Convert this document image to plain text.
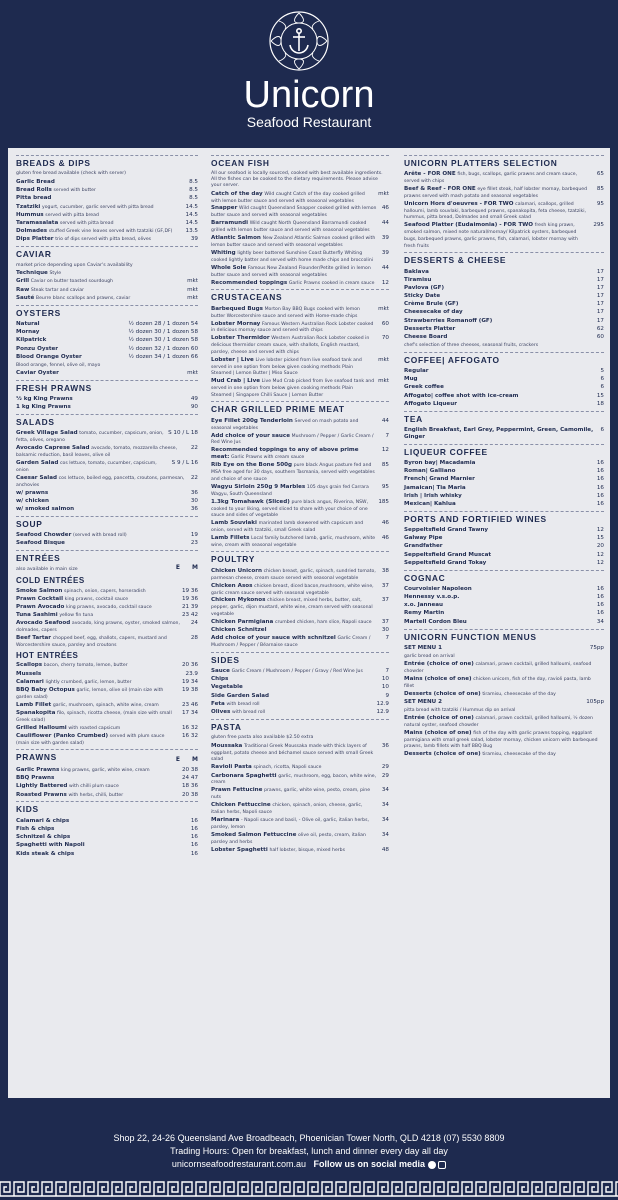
Unicorn
Seafood Restaurant
BREADS & DIPS
gluten free bread available (check with server)
Garlic Bread	8.5
Bread Rolls served with butter	8.5
Pitta bread	8.5
Tzatziki yogurt, cucumber, garlic served with pitta bread	14.5
Hummus served with pitta bread	14.5
Taramasalata served with pitta bread	14.5
Dolmades stuffed Greek vine leaves served with tzatziki (GF,DF)	13.5
Dips Platter trio of dips served with pitta bread, olives	39
CAVIAR
market price depending upon Caviar's availability
Technique Style
Grill Caviar on butter toasted sourdough	mkt
Raw Steak tartar and caviar	mkt
Sauté Beurre blanc scallops and prawns, caviar	mkt
OYSTERS
Natural	½ dozen 28 / 1 dozen 54
Mornay	½ dozen 30 / 1 dozen 58
Kilpatrick	½ dozen 30 / 1 dozen 58
Ponzu Oyster	½ dozen 32 / 1 dozen 60
Blood Orange Oyster	½ dozen 34 / 1 dozen 66
Blood orange, fennel, olive oil, mayo
Caviar Oyster	mkt
FRESH PRAWNS
½ kg King Prawns	49
1 kg King Prawns	90
SALADS
Greek Village Salad tomato, cucumber, capsicum, onion, fetta, olives, oregano
S 10 / L 18
Avocado Caprese Salad avocado, tomato, mozzarella cheese, balsamic reduction, basil leaves, olive oil
22
Garden Salad cos lettuce, tomato, cucumber, capsicum, onion
S 9 / L 16
Caesar Salad cos lettuce, boiled egg, pancetta, croutons, parmesan, anchovies
22
w/ prawns	36
w/ chicken	30
w/ smoked salmon	36
SOUP
Seafood Chowder (served with bread roll)	19
Seafood Bisque	23
ENTRÉES
also available in main size	E M
COLD ENTRÉES
Smoke Salmon spinach, onion, capers, horseradish	19 36
Prawn Cocktail king prawns, cocktail sauce	19 36
Prawn Avocado king prawns, avocado, cocktail sauce	21 39
Tuna Sashimi yellow fin tuna	23 42
Avocado Seafood avocado, king prawns, oyster, smoked salmon, dolmades, capers
24
Beef Tartar chopped beef, egg, shallots, capers, mustard and Worcestershire sauce, parsley and croutons
28
HOT ENTRÉES
Scallops bacon, cherry tomato, lemon, butter	20 36
Mussels	23.9
Calamari lightly crumbed, garlic, lemon, butter	19 34
BBQ Baby Octopus garlic, lemon, olive oil (main size with garden salad)
19 38
Lamb Fillet garlic, mushroom, spinach, white wine, cream	23 46
Spanakopita filo, spinach, ricotta cheese, (main size with small Greek salad)
17 34
Grilled Halloumi with roasted capsicum	16 32
Cauliflower (Panko Crumbed) served with plum sauce (main size with garden salad)
16 32
PRAWNS	E M
Garlic Prawns king prawns, garlic, white wine, cream	20 38
BBQ Prawns	24 47
Lightly Battered with chilli plum sauce	18 36
Roasted Prawns with herbs, chilli, butter	20 38
KIDS
Calamari & chips	16
Fish & chips	16
Schnitzel & chips	16
Spaghetti with Napoli	16
Kids steak & chips	16
OCEAN FISH
All our seafood is locally sourced, cooked with best available ingredients. All the fishes can be cooked to the dietary requirements. Please advise your server.
Catch of the day Wild caught Catch of the day cooked grilled with lemon butter sauce and served with seasonal vegetables
mkt
Snapper Wild caught Queensland Snapper cooked grilled with lemon butter sauce and served with seasonal vegetables
46
Barramundi Wild caught North Queensland Barramundi cooked grilled with lemon butter sauce and served with seasonal vegetables
44
Atlantic Salmon New Zealand Atlantic Salmon cooked grilled with lemon butter sauce and served with seasonal vegetables
39
Whiting lightly beer battered Sunshine Coast Butterfly Whiting cooked lightly batter and served with home made chips and broccolini
39
Whole Sole Famous New Zealand Flounder/Petite grilled in lemon butter sauce and served with seasonal vegetables
44
Recommended toppings Garlic Prawns cooked in cream sauce	12
CRUSTACEANS
Barbequed Bugs Morton Bay BBQ Bugs cooked with lemon butter Worcestershire sauce and served with Home-made chips
mkt
Lobster Mornay Famous Western Australian Rock Lobster cooked in delicious mornay sauce and served with chips
60
Lobster Thermidor Western Australian Rock Lobster cooked in delicious thermidor cream sauce, with shallots, English mustard, parsley, cheese and served with chips
70
Lobster | Live Live lobster picked from live seafood tank and served in one option from below given cooking methods Plain Steamed | Lemon Butter | Miso Sauce
mkt
Mud Crab | Live Live Mud Crab picked from live seafood tank and served in one option from below given cooking methods Plain Steamed | Singapore Chilli Sauce | Lemon Butter
mkt
CHAR GRILLED PRIME MEAT
Eye Fillet 200g Tenderloin Served on mash potato and seasonal vegetables
44
Add choice of your sauce Mushroom / Pepper / Garlic Cream / Red Wine Jus
7
Recommended toppings to any of above prime meat: Garlic Prawns with cream sauce
12
Rib Eye on the Bone 500g pure black Angus pasture fed and MSA free aged for 30 days, southern Tasmania, served with vegetables and choice of one sauce
85
Wagyu Sirloin 250g 9 Marbles 105 days grain fed Carrara Wagyu, South Queensland
95
1.3kg Tomahawk (Sliced) pure black angus, Riverina, NSW, cooked to your liking, served sliced to share with your choice of one sauce and sides of vegetable
185
Lamb Souvlaki marinated lamb skewered with capsicum and onion, served with tzatziki, small Greek salad
46
Lamb Fillets Local family butchered lamb, garlic, mushroom, white wine, cream with seasonal vegetable
46
POULTRY
Chicken Unicorn chicken breast, garlic, spinach, sundried tomato, parmesan cheese, cream sauce served with seasonal vegetable
38
Chicken Asos chicken breast, diced bacon,mushroom, white wine, garlic cream sauce served with seasonal vegetable
37
Chicken Mykonos chicken breast, mixed herbs, butter, salt, pepper, garlic, dijon mustard, white wine, cream served with seasonal vegetable
37
Chicken Parmigiana crumbed chicken, ham slice, Napoli sauce	37
Chicken Schnitzel	30
Add choice of your sauce with schnitzel Garlic Cream / Mushroom / Pepper / Béarnaise sauce
7
SIDES
Sauce Garlic Cream / Mushroom / Pepper / Gravy / Red Wine Jus	7
Chips	10
Vegetable	10
Side Garden Salad	9
Feta with bread roll	12.9
Olives with bread roll	12.9
PASTA
gluten free pasta also available $2.50 extra
Moussaka Traditional Greek Moussaka made with thick layers of eggplant, potato cheese and béchamel sauce served with small Greek salad
36
Ravioli Pasta spinach, ricotta, Napoli sauce	29
Carbonara Spaghetti garlic, mushroom, egg, bacon, white wine, cream
29
Prawn Fettucine prawns, garlic, white wine, pesto, cream, pine nuts
34
Chicken Fettuccine chicken, spinach, onion, cheese, garlic, italian herbs, Napoli sauce
34
Marinara - Napoli sauce and basil, - Olive oil, garlic, italian herbs, parsley, lemon
34
Smoked Salmon Fettuccine olive oil, pesto, cream, italian parsley and herbs
34
Lobster Spaghetti half lobster, bisque, mixed herbs	48
UNICORN PLATTERS SELECTION
Arête - FOR ONE fish, bugs, scallops, garlic prawns and cream sauce, served with chips
65
Beef & Reef - FOR ONE eye fillet steak, half lobster mornay, barbequed prawns served with mash potato and seasonal vegetables
85
Unicorn Hors d'oeuvres - FOR TWO calamari, scallops, grilled halloumi, lamb souvlaki, barbequed prawns, spanakopita, feta cheese, tzatziki, hummus, pitta bread, Dolmades and small Greek salad
95
Seafood Platter (Eudaimonia) - FOR TWO fresh king prawn, smoked salmon, mixed note natural/mornay/ Kilpatrick oysters, barbequed bugs, barbequed prawns, garlic prawns, fish, calamari, lobster mornay with fresh fruits
295
DESSERTS & CHEESE
Baklava	17
Tiramisu	17
Pavlova (GF)	17
Sticky Date	17
Crème Brule (GF)	17
Cheesecake of day	17
Strawberries Romanoff (GF)	17
Desserts Platter	62
Cheese Board	60
chef's selection of three cheeses, seasonal fruits, crackers
COFFEE| AFFOGATO
Regular	5
Mug	6
Greek coffee	6
Affogato| coffee shot with ice-cream	15
Affogato Liqueur	18
TEA
English Breakfast, Earl Grey, Peppermint, Green, Camomile, Ginger
6
LIQUEUR COFFEE
Byron bay| Macadamia	16
Roman| Galliano	16
French| Grand Marnier	16
Jamaican| Tia Maria	16
Irish | Irish whisky	16
Mexican| Kahlua	16
PORTS AND FORTIFIED WINES
Seppeltsfield Grand Tawny	12
Galway Pipe	15
Grandfather	20
Seppeltsfield Grand Muscat	12
Seppeltsfield Grand Tokay	12
COGNAC
Courvoisier Napoleon	16
Hennessy v.s.o.p.	16
x.o. Janneau	16
Remy Martin	16
Martell Cordon Bleu	34
UNICORN FUNCTION MENUS
SET MENU 1	75pp
garlic bread on arrival
Entrée (choice of one) calamari, prawn cocktail, grilled halloumi, seafood chowder
Mains (choice of one) chicken unicorn, fish of the day, ravioli pasta, lamb fillet
Desserts (choice of one) tiramisu, cheesecake of the day
SET MENU 2	105pp
pitta bread with tzatziki / Hummus dip on arrival
Entrée (choice of one) calamari, prawn cocktail, grilled halloumi, ½ dozen natural oyster, seafood chowder
Mains (choice of one) fish of the day with garlic prawns topping, eggplant parmigiana with small greek salad, lobster mornay, chicken unicorn with barbequed prawns, lamb fillets with half BBQ Bug
Desserts (choice of one) tiramisu, cheesecake of the day
Shop 22, 24-26 Queensland Ave Broadbeach, Phoenician Tower North, QLD 4218 (07) 5530 8809
Trading Hours: Open for breakfast, lunch and dinner every day all day
unicornseafoodrestaurant.com.au Follow us on social media
